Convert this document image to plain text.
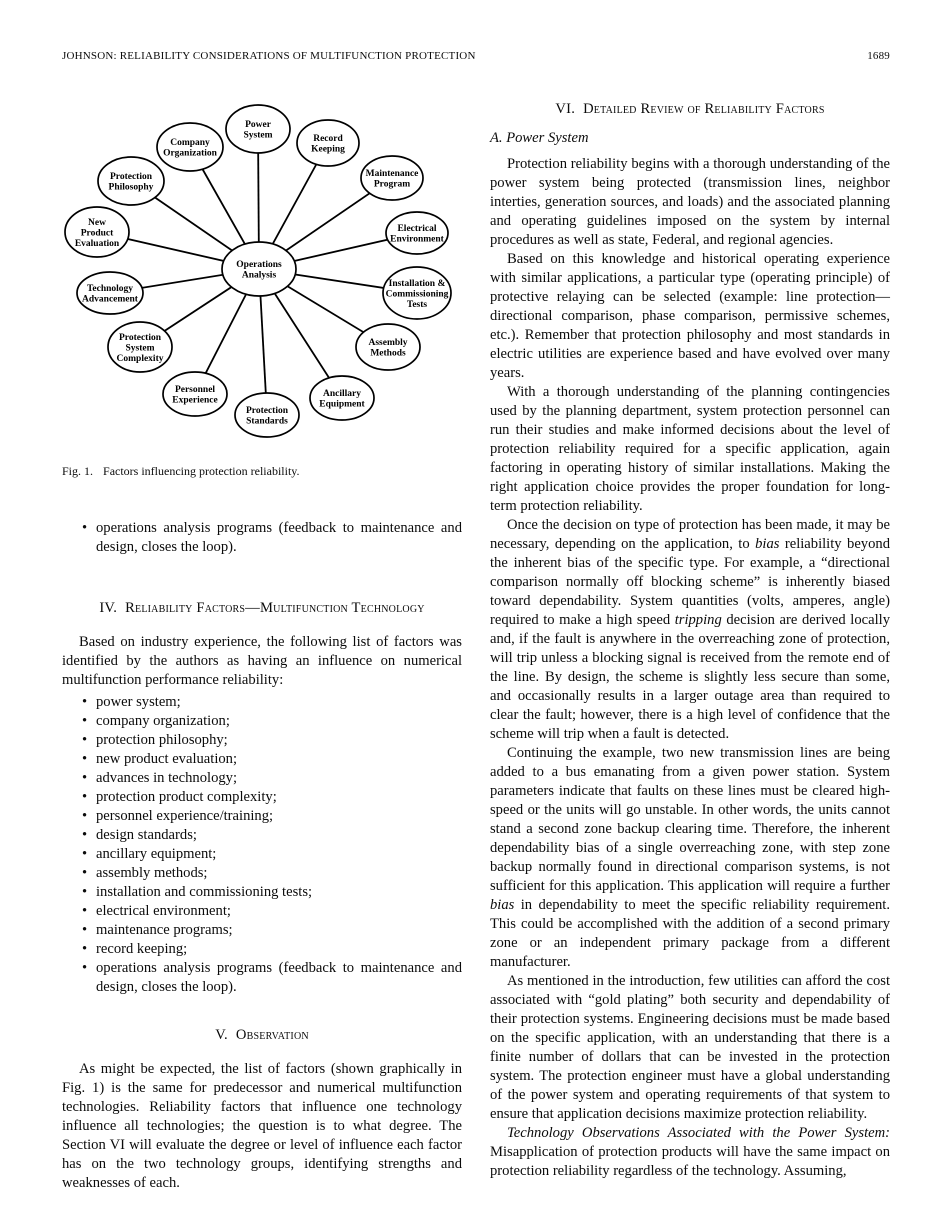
JOHNSON: RELIABILITY CONSIDERATIONS OF MULTIFUNCTION PROTECTION	1689
Power System	Record Keeping
Company Organization
Maintenance Program
Protection Philosophy
Electrical Environment
New Product Evaluation
Installation & Commissioning Tests
Technology Advancement
Assembly Methods
Protection System Complexity
Ancillary Equipment
Personnel Experience
Protection Standards
Operations Analysis
Fig. 1. Factors influencing protection reliability.
• operations analysis programs (feedback to maintenance and design, closes the loop).
IV. Reliability Factors—Multifunction Technology

Based on industry experience, the following list of factors was identified by the authors as having an influence on numerical multifunction performance reliability:

• power system;
• company organization;
• protection philosophy;
• new product evaluation;
• advances in technology;
• protection product complexity;
• personnel experience/training;
• design standards;
• ancillary equipment;
• assembly methods;
• installation and commissioning tests;
• electrical environment;
• maintenance programs;
• record keeping;
• operations analysis programs (feedback to maintenance and design, closes the loop).
V. Observation

As might be expected, the list of factors (shown graphically in Fig. 1) is the same for predecessor and numerical multifunction technologies. Reliability factors that influence one technology influence all technologies; the question is to what degree. The Section VI will evaluate the degree or level of influence each factor has on the two technology groups, identifying strengths and weaknesses of each.

VI. Detailed Review of Reliability Factors
A. Power System

Protection reliability begins with a thorough understanding of the power system being protected (transmission lines, neighbor interties, generation sources, and loads) and the associated planning and operating guidelines imposed on the system by internal procedures as well as state, Federal, and regional agencies.

Based on this knowledge and historical operating experience with similar applications, a particular type (operating principle) of protective relaying can be selected (example: line protection—directional comparison, phase comparison, permissive schemes, etc.). Remember that protection philosophy and most standards in electric utilities are experience based and have evolved over many years.

With a thorough understanding of the planning contingencies used by the planning department, system protection personnel can run their studies and make informed decisions about the level of protection reliability required for a specific application, again factoring in operating history of similar installations. Making the right application choice provides the proper foundation for long-term protection reliability.

Once the decision on type of protection has been made, it may be necessary, depending on the application, to bias reliability beyond the inherent bias of the specific type. For example, a “directional comparison normally off blocking scheme” is inherently biased toward dependability. System quantities (volts, amperes, angle) required to make a high speed tripping decision are derived locally and, if the fault is anywhere in the overreaching zone of protection, will trip unless a blocking signal is received from the remote end of the line. By design, the scheme is slightly less secure than some, and occasionally results in a larger outage area than required to clear the fault; however, there is a high level of confidence that the scheme will trip when a fault is detected.

Continuing the example, two new transmission lines are being added to a bus emanating from a given power station. System parameters indicate that faults on these lines must be cleared high-speed or the units will go unstable. In other words, the units cannot stand a second zone backup clearing time. Therefore, the inherent dependability bias of a single overreaching zone, with step zone backup normally found in directional comparison systems, is not sufficient for this application. This application will require a further bias in dependability to meet the specific reliability requirement. This could be accomplished with the addition of a second primary zone or an independent primary package from a different manufacturer.

As mentioned in the introduction, few utilities can afford the cost associated with “gold plating” both security and dependability of their protection systems. Engineering decisions must be made based on the specific application, with an understanding that there is a finite number of dollars that can be invested in the protection system. The protection engineer must have a global understanding of the power system and operating requirements of that system to ensure that application decisions maximize protection reliability.

Technology Observations Associated with the Power System: Misapplication of protection products will have the same impact on protection reliability regardless of the technology. Assuming,
